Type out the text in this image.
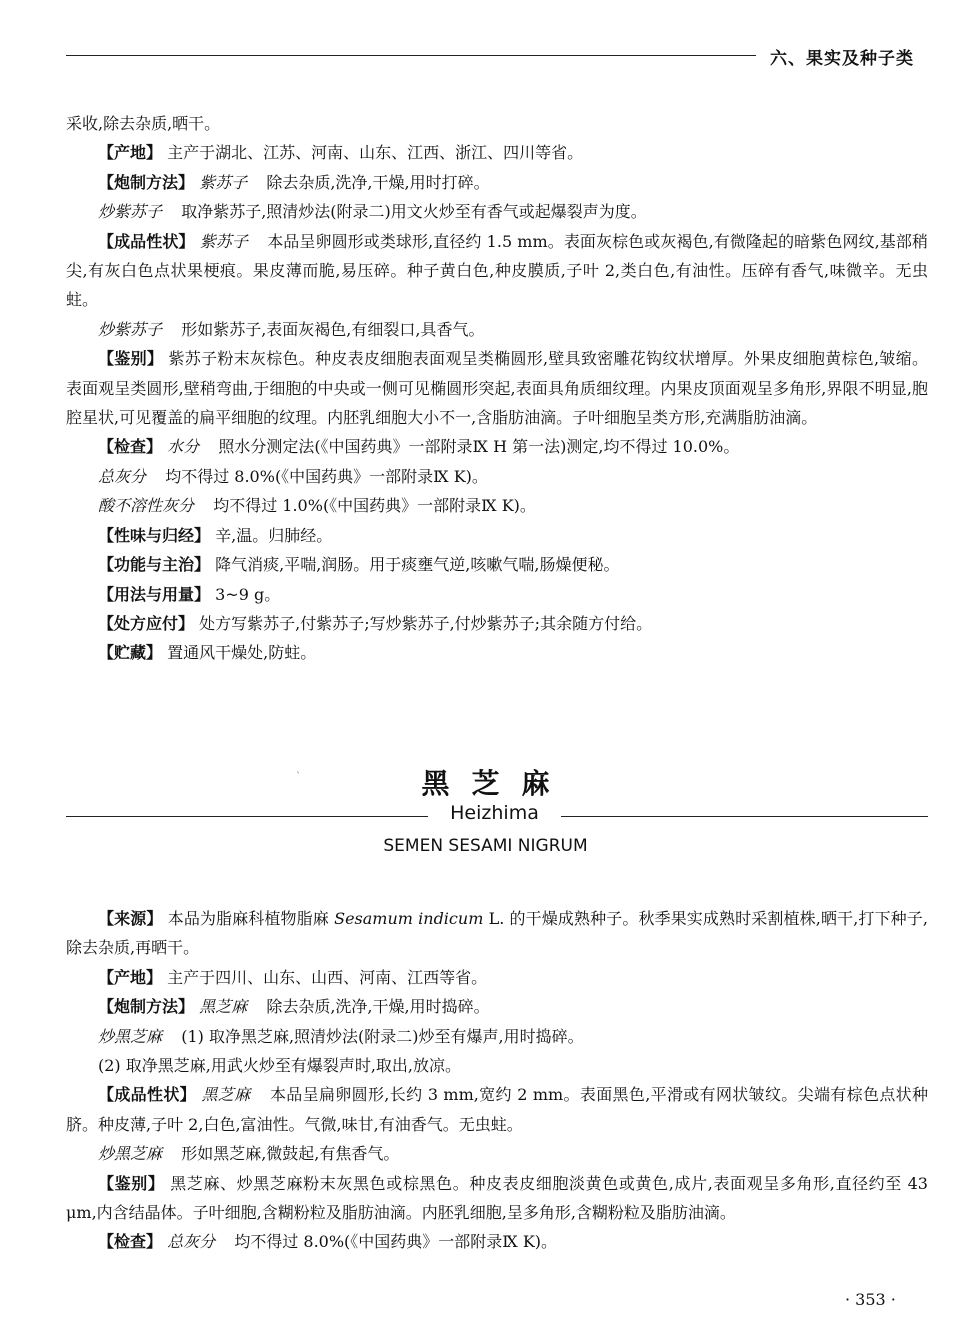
六、果实及种子类

采收,除去杂质,晒干。

【产地】 主产于湖北、江苏、河南、山东、江西、浙江、四川等省。

【炮制方法】 紫苏子 除去杂质,洗净,干燥,用时打碎。

炒紫苏子 取净紫苏子,照清炒法(附录二)用文火炒至有香气或起爆裂声为度。

【成品性状】 紫苏子 本品呈卵圆形或类球形,直径约 1.5 mm。表面灰棕色或灰褐色,有微隆起的暗紫色网纹,基部稍尖,有灰白色点状果梗痕。果皮薄而脆,易压碎。种子黄白色,种皮膜质,子叶 2,类白色,有油性。压碎有香气,味微辛。无虫蛀。

炒紫苏子 形如紫苏子,表面灰褐色,有细裂口,具香气。

【鉴别】 紫苏子粉末灰棕色。种皮表皮细胞表面观呈类椭圆形,壁具致密雕花钩纹状增厚。外果皮细胞黄棕色,皱缩。表面观呈类圆形,壁稍弯曲,于细胞的中央或一侧可见椭圆形突起,表面具角质细纹理。内果皮顶面观呈多角形,界限不明显,胞腔星状,可见覆盖的扁平细胞的纹理。内胚乳细胞大小不一,含脂肪油滴。子叶细胞呈类方形,充满脂肪油滴。

【检查】 水分 照水分测定法(《中国药典》一部附录Ⅸ H 第一法)测定,均不得过 10.0%。

总灰分 均不得过 8.0%(《中国药典》一部附录Ⅸ K)。

酸不溶性灰分 均不得过 1.0%(《中国药典》一部附录Ⅸ K)。

【性味与归经】 辛,温。归肺经。

【功能与主治】 降气消痰,平喘,润肠。用于痰壅气逆,咳嗽气喘,肠燥便秘。

【用法与用量】 3~9 g。

【处方应付】 处方写紫苏子,付紫苏子;写炒紫苏子,付炒紫苏子;其余随方付给。

【贮藏】 置通风干燥处,防蛀。

`	黑芝麻
Heizhima
SEMEN SESAMI NIGRUM

【来源】 本品为脂麻科植物脂麻 Sesamum indicum L. 的干燥成熟种子。秋季果实成熟时采割植株,晒干,打下种子,除去杂质,再晒干。

【产地】 主产于四川、山东、山西、河南、江西等省。

【炮制方法】 黑芝麻 除去杂质,洗净,干燥,用时捣碎。

炒黑芝麻 (1) 取净黑芝麻,照清炒法(附录二)炒至有爆声,用时捣碎。

(2) 取净黑芝麻,用武火炒至有爆裂声时,取出,放凉。

【成品性状】 黑芝麻 本品呈扁卵圆形,长约 3 mm,宽约 2 mm。表面黑色,平滑或有网状皱纹。尖端有棕色点状种脐。种皮薄,子叶 2,白色,富油性。气微,味甘,有油香气。无虫蛀。

炒黑芝麻 形如黑芝麻,微鼓起,有焦香气。

【鉴别】 黑芝麻、炒黑芝麻粉末灰黑色或棕黑色。种皮表皮细胞淡黄色或黄色,成片,表面观呈多角形,直径约至 43 μm,内含结晶体。子叶细胞,含糊粉粒及脂肪油滴。内胚乳细胞,呈多角形,含糊粉粒及脂肪油滴。

【检查】 总灰分 均不得过 8.0%(《中国药典》一部附录Ⅸ K)。

· 353 ·
